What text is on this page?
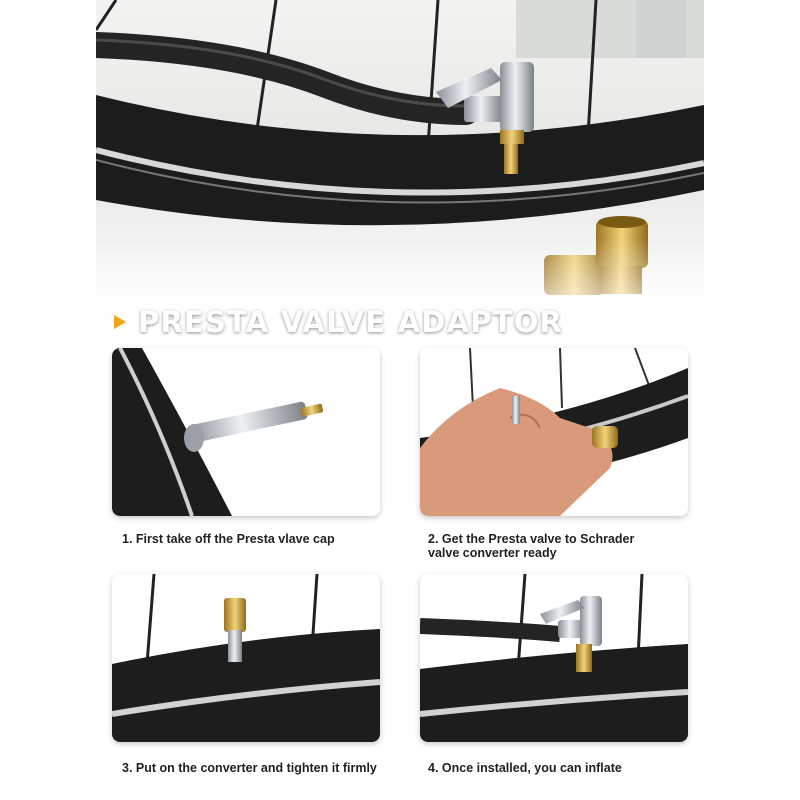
PRESTA VALVE ADAPTOR
1. First take off the Presta vlave cap	2. Get the Presta valve to Schrader
valve converter ready
3. Put on the converter and tighten it firmly	4. Once installed, you can inflate
